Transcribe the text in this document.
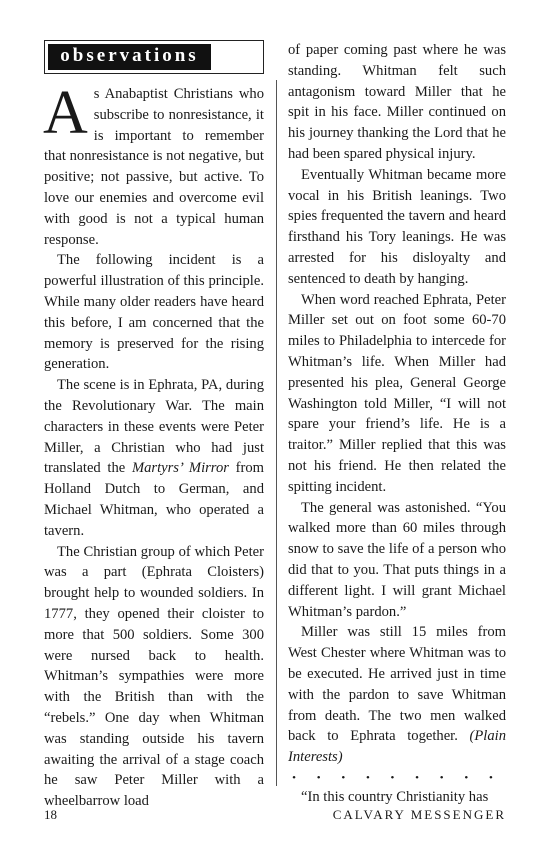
observations

As Anabaptist Christians who subscribe to nonresistance, it is important to remember that nonresistance is not negative, but positive; not passive, but active. To love our enemies and overcome evil with good is not a typical human response.

The following incident is a powerful illustration of this principle. While many older readers have heard this before, I am concerned that the memory is preserved for the rising generation.

The scene is in Ephrata, PA, during the Revolutionary War. The main characters in these events were Peter Miller, a Christian who had just translated the Martyrs’ Mirror from Holland Dutch to German, and Michael Whitman, who operated a tavern.

The Christian group of which Peter was a part (Ephrata Cloisters) brought help to wounded soldiers. In 1777, they opened their cloister to more that 500 soldiers. Some 300 were nursed back to health. Whitman’s sympathies were more with the British than with the “rebels.” One day when Whitman was standing outside his tavern awaiting the arrival of a stage coach he saw Peter Miller with a wheelbarrow load

of paper coming past where he was standing. Whitman felt such antagonism toward Miller that he spit in his face. Miller continued on his journey thanking the Lord that he had been spared physical injury.

Eventually Whitman became more vocal in his British leanings. Two spies frequented the tavern and heard firsthand his Tory leanings. He was arrested for his disloyalty and sentenced to death by hanging.

When word reached Ephrata, Peter Miller set out on foot some 60-70 miles to Philadelphia to intercede for Whitman’s life. When Miller had presented his plea, General George Washington told Miller, “I will not spare your friend’s life. He is a traitor.” Miller replied that this was not his friend. He then related the spitting incident.

The general was astonished. “You walked more than 60 miles through snow to save the life of a person who did that to you. That puts things in a different light. I will grant Michael Whitman’s pardon.”

Miller was still 15 miles from West Chester where Whitman was to be executed. He arrived just in time with the pardon to save Whitman from death. The two men walked back to Ephrata together. (Plain Interests)

• • • • • • • • •

“In this country Christianity has

18	CALVARY MESSENGER
